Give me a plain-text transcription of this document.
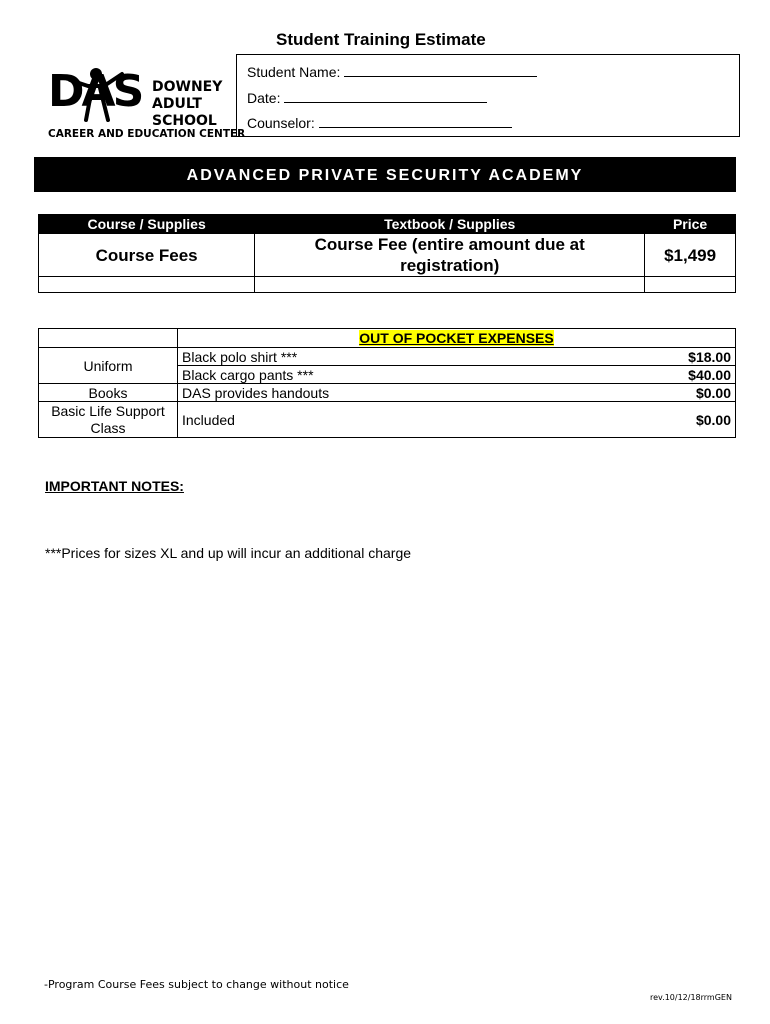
Student Training Estimate
Student Name:
Date:
Counselor:
DAS DOWNEY
ADULT
SCHOOL
CAREER AND EDUCATION CENTER
ADVANCED PRIVATE SECURITY ACADEMY
Course / Supplies	Textbook / Supplies	Price
Course Fees	Course Fee (entire amount due at registration)	$1,499

	OUT OF POCKET EXPENSES	
Uniform	Black polo shirt ***	$18.00
	Black cargo pants ***	$40.00
Books	DAS provides handouts	$0.00
Basic Life Support Class	Included	$0.00
IMPORTANT NOTES:
***Prices for sizes XL and up will incur an additional charge
-Program Course Fees subject to change without notice
rev.10/12/18rrmGEN
